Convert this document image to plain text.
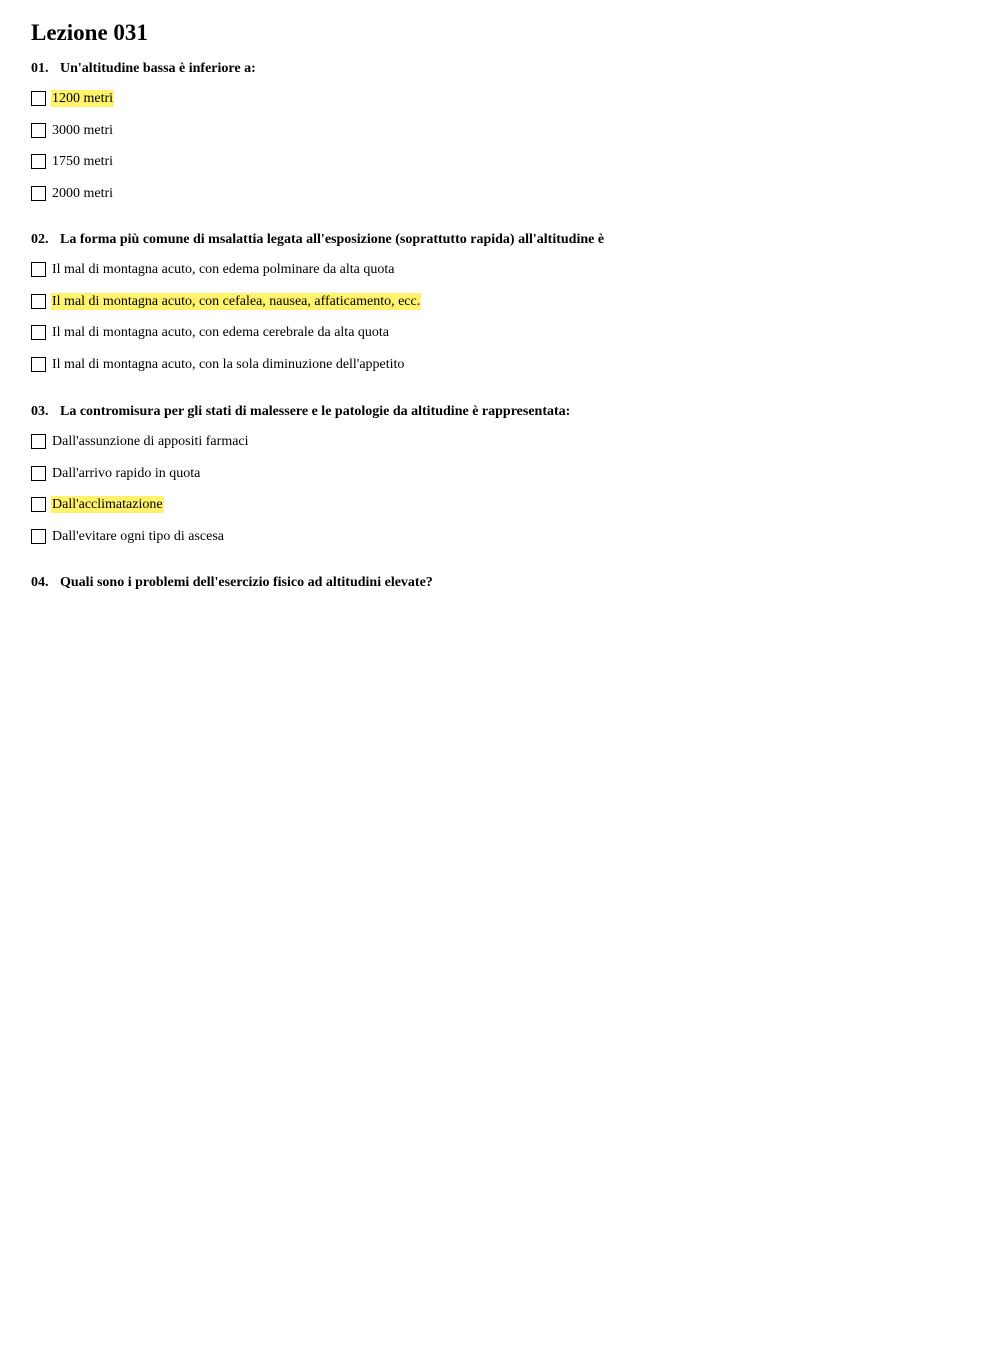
Lezione 031
01. Un'altitudine bassa è inferiore a:
1200 metri
3000 metri
1750 metri
2000 metri
02. La forma più comune di msalattia legata all'esposizione (soprattutto rapida) all'altitudine è
Il mal di montagna acuto, con edema polminare da alta quota
Il mal di montagna acuto, con cefalea, nausea, affaticamento, ecc.
Il mal di montagna acuto, con edema cerebrale da alta quota
Il mal di montagna acuto, con la sola diminuzione dell'appetito
03. La contromisura per gli stati di malessere e le patologie da altitudine è rappresentata:
Dall'assunzione di appositi farmaci
Dall'arrivo rapido in quota
Dall'acclimatazione
Dall'evitare ogni tipo di ascesa
04. Quali sono i problemi dell'esercizio fisico ad altitudini elevate?
